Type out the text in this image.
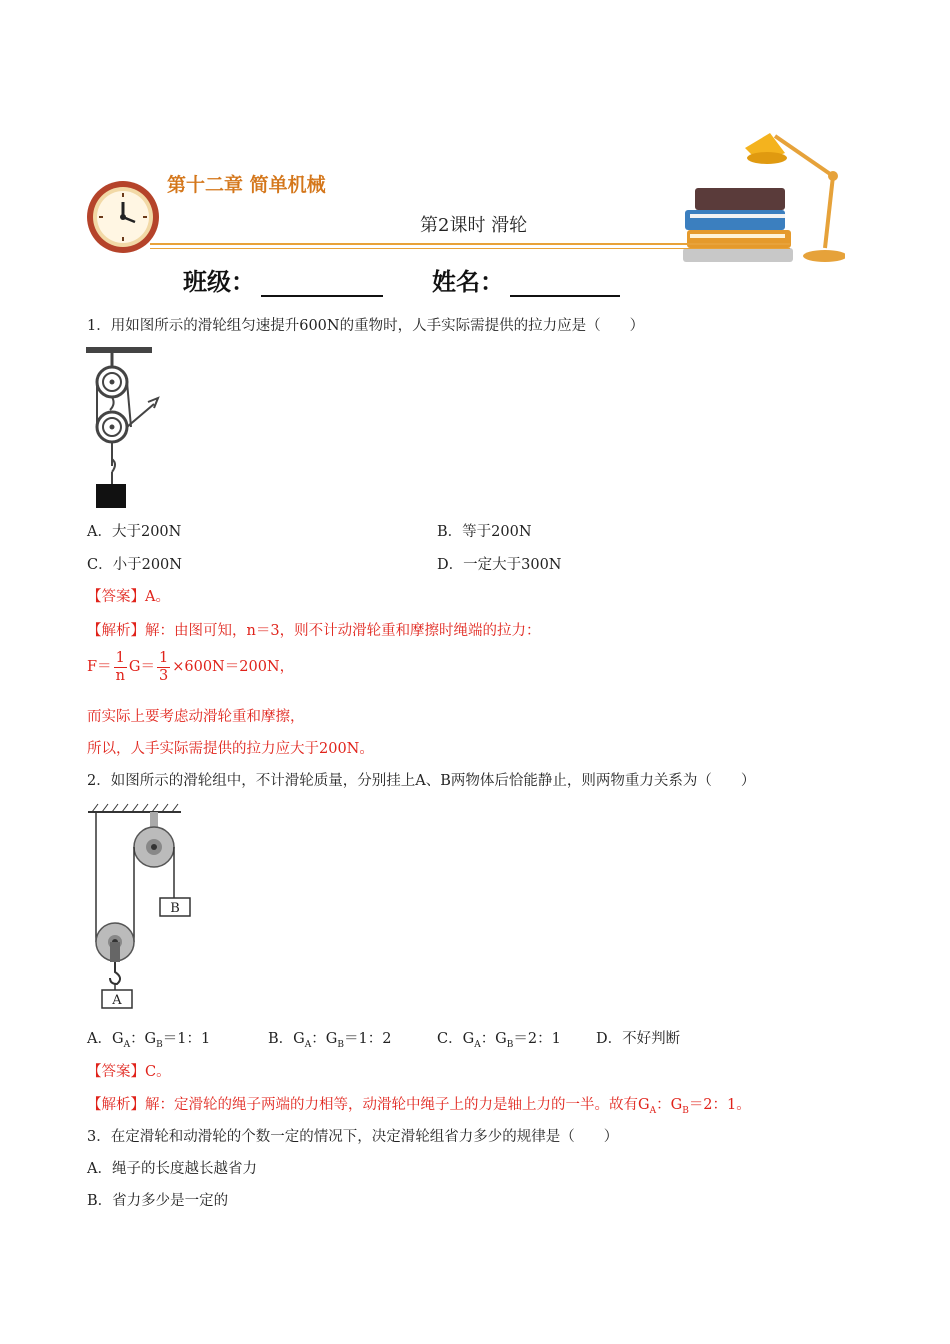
第十二章 简单机械
第2课时 滑轮
班级：	姓名：
1．用如图所示的滑轮组匀速提升600N的重物时，人手实际需提供的拉力应是（　　）
A．大于200N	B．等于200N
C．小于200N	D．一定大于300N
【答案】A。
【解析】解：由图可知，n＝3，则不计动滑轮重和摩擦时绳端的拉力：
$F= \frac{1}{n} G= \frac{1}{3} \times 600N=200N$，
而实际上要考虑动滑轮重和摩擦，
所以，人手实际需提供的拉力应大于200N。
2．如图所示的滑轮组中，不计滑轮质量，分别挂上A、B两物体后恰能静止，则两物重力关系为（　　）
B
A
A．$G_A$：$G_B=1$：1	B．$G_A$：$G_B=1$：2	C．$G_A$：$G_B=2$：1 D．不好判断
【答案】C。
【解析】解：定滑轮的绳子两端的力相等，动滑轮中绳子上的力是轴上力的一半。故有$G_A$：$G_B=2$：1。
3．在定滑轮和动滑轮的个数一定的情况下，决定滑轮组省力多少的规律是（　　）
A．绳子的长度越长越省力
B．省力多少是一定的
